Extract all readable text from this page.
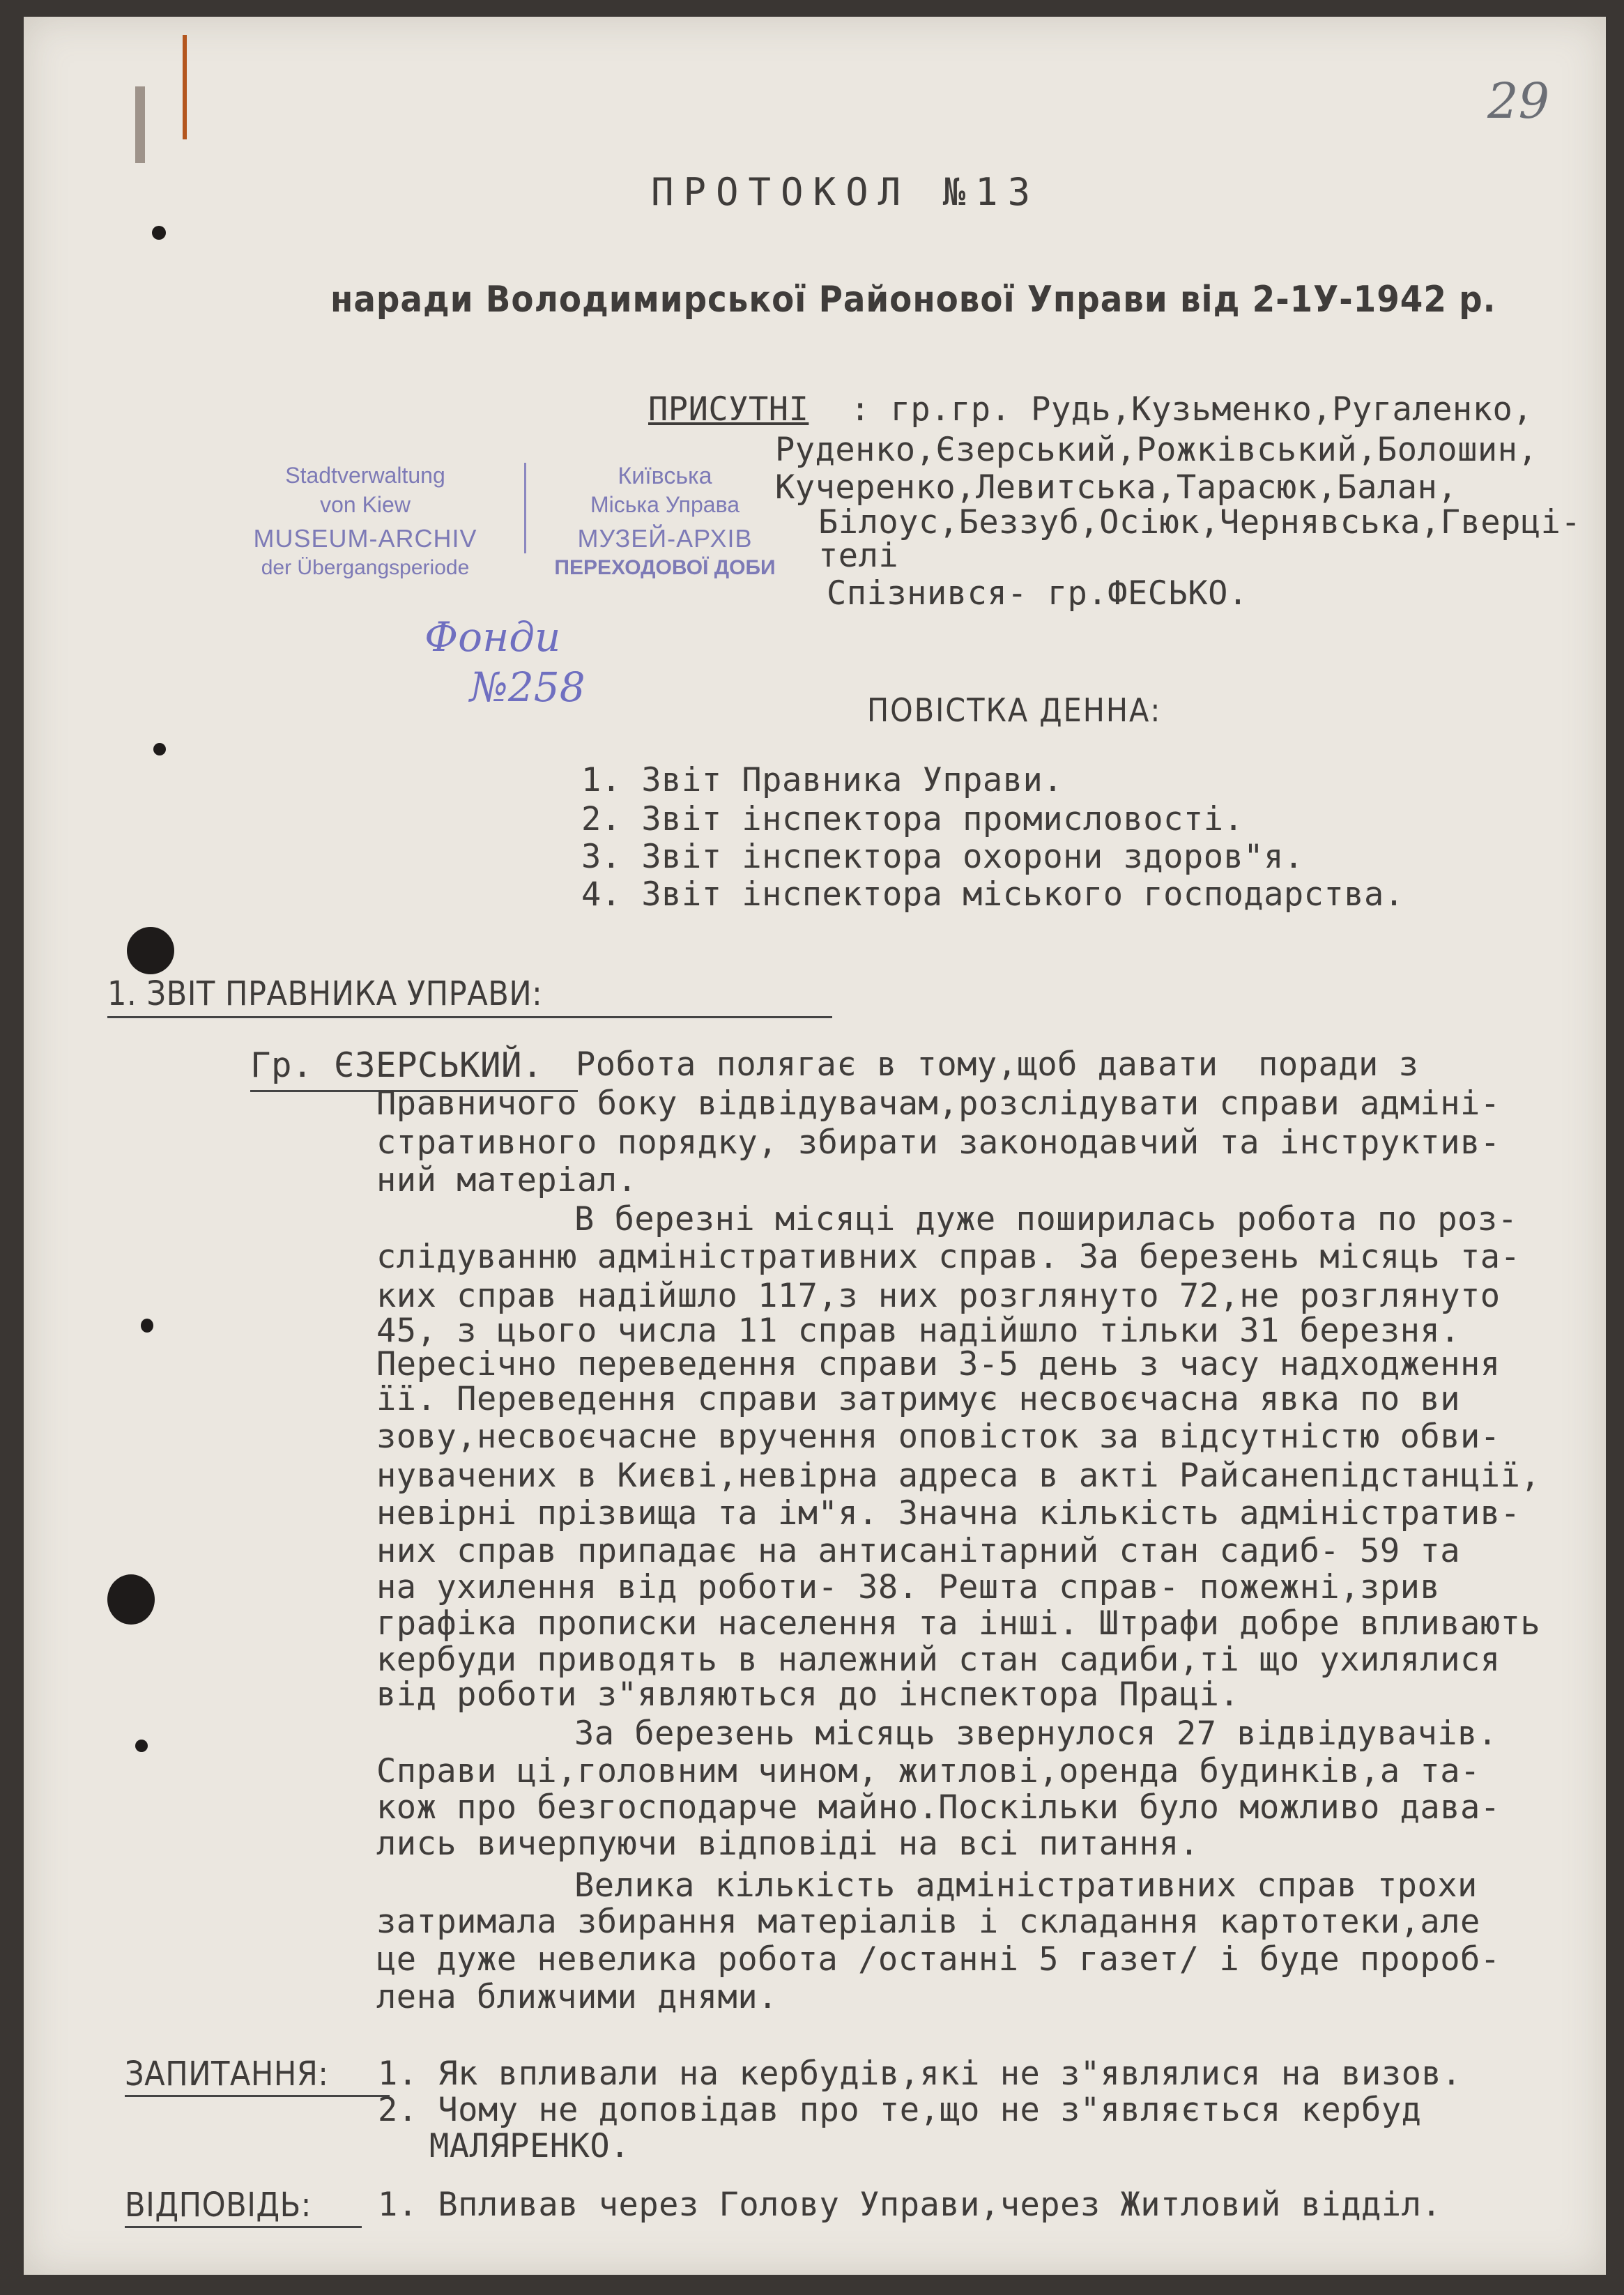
29
ПРОТОКОЛ №13
наради Володимирської Районової Управи від 2-1У-1942 р.
ПРИСУТНІ : гр.гр. Рудь,Кузьменко,Ругаленко,
Руденко,Єзерський,Рожківський,Болошин,
Кучеренко,Левитська,Тарасюк,Балан,
Білоус,Беззуб,Осіюк,Чернявська,Гверці-
телі
Спізнився- гр.ФЕСЬКО.
Stadtverwaltung
von Kiew
MUSEUM-ARCHIV
der Übergangsperiode
Київська
Міська Управа
МУЗЕЙ-АРХІВ
ПЕРЕХОДОВОЇ ДОБИ
Фонди
№258	ПОВІСТКА ДЕННА:
1. Звіт Правника Управи.
2. Звіт інспектора промисловості.
3. Звіт інспектора охорони здоров"я.
4. Звіт інспектора міського господарства.
1. ЗВІТ ПРАВНИКА УПРАВИ:
Гр. ЄЗЕРСЬКИЙ. Робота полягає в тому,щоб давати  поради з
Правничого боку відвідувачам,розслідувати справи адміні-
стративного порядку, збирати законодавчий та інструктив-
ний матеріал.
В березні місяці дуже поширилась робота по роз-
слідуванню адміністративних справ. За березень місяць та-
ких справ надійшло 117,з них розглянуто 72,не розглянуто
45, з цього числа 11 справ надійшло тільки 31 березня.
Пересічно переведення справи 3-5 день з часу надходження
її. Переведення справи затримує несвоєчасна явка по ви
зову,несвоєчасне вручення оповісток за відсутністю обви-
нувачених в Києві,невірна адреса в акті Райсанепідстанції,
невірні прізвища та ім"я. Значна кількість адміністратив-
них справ припадає на антисанітарний стан садиб- 59 та
на ухилення від роботи- 38. Решта справ- пожежні,зрив
графіка прописки населення та інші. Штрафи добре впливають
кербуди приводять в належний стан садиби,ті що ухилялися
від роботи з"являються до інспектора Праці.
За березень місяць звернулося 27 відвідувачів.
Справи ці,головним чином, житлові,оренда будинків,а та-
кож про безгосподарче майно.Поскільки було можливо дава-
лись вичерпуючи відповіді на всі питання.
Велика кількість адміністративних справ трохи
затримала збирання матеріалів і складання картотеки,але
це дуже невелика робота /останні 5 газет/ і буде пророб-
лена ближчими днями.
ЗАПИТАННЯ: 1. Як впливали на кербудів,які не з"являлися на визов.
2. Чому не доповідав про те,що не з"являється кербуд
МАЛЯРЕНКО.
ВІДПОВІДЬ: 1. Впливав через Голову Управи,через Житловий відділ.
